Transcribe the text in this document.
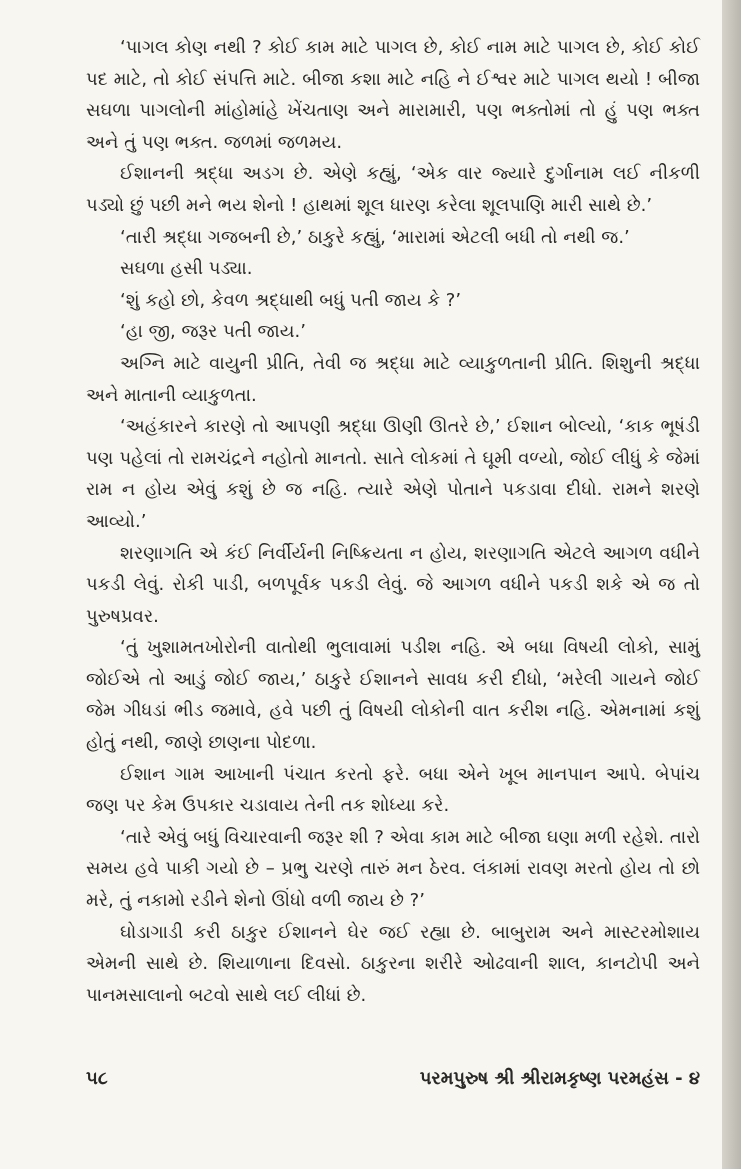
‘પાગલ કોણ નથી ? કોઈ કામ માટે પાગલ છે, કોઈ નામ માટે પાગલ છે, કોઈ કોઈ પદ માટે, તો કોઈ સંપત્તિ માટે. બીજા કશા માટે નહિ ને ઈશ્વર માટે પાગલ થયો ! બીજા સઘળા પાગલોની માંહોમાંહે ખેંચતાણ અને મારામારી, પણ ભક્તોમાં તો હું પણ ભક્ત અને તું પણ ભક્ત. જળમાં જળમય.

ઈશાનની શ્રદ્ધા અડગ છે. એણે કહ્યું, ‘એક વાર જ્યારે દુર્ગાનામ લઈ નીકળી પડ્યો છું પછી મને ભય શેનો ! હાથમાં શૂલ ધારણ કરેલા શૂલપાણિ મારી સાથે છે.’

‘તારી શ્રદ્ધા ગજબની છે,’ ઠાકુરે કહ્યું, ‘મારામાં એટલી બધી તો નથી જ.’

સઘળા હસી પડ્યા.

‘શું કહો છો, કેવળ શ્રદ્ધાથી બધું પતી જાય કે ?’

‘હા જી, જરૂર પતી જાય.’

અગ્નિ માટે વાયુની પ્રીતિ, તેવી જ શ્રદ્ધા માટે વ્યાકુળતાની પ્રીતિ. શિશુની શ્રદ્ધા અને માતાની વ્યાકુળતા.

‘અહંકારને કારણે તો આપણી શ્રદ્ધા ઊણી ઊતરે છે,’ ઈશાન બોલ્યો, ‘કાક ભૂષંડી પણ પહેલાં તો રામચંદ્રને નહોતો માનતો. સાતે લોકમાં તે ઘૂમી વળ્યો, જોઈ લીધું કે જેમાં રામ ન હોય એવું કશું છે જ નહિ. ત્યારે એણે પોતાને પકડાવા દીધો. રામને શરણે આવ્યો.’

શરણાગતિ એ કંઈ નિર્વીર્યની નિષ્ક્રિયતા ન હોય, શરણાગતિ એટલે આગળ વધીને પકડી લેવું. રોકી પાડી, બળપૂર્વક પકડી લેવું. જે આગળ વધીને પકડી શકે એ જ તો પુરુષપ્રવર.

‘તું ખુશામતખોરોની વાતોથી ભુલાવામાં પડીશ નહિ. એ બધા વિષયી લોકો, સામું જોઈએ તો આડું જોઈ જાય,’ ઠાકુરે ઈશાનને સાવધ કરી દીધો, ‘મરેલી ગાયને જોઈ જેમ ગીધડાં ભીડ જમાવે, હવે પછી તું વિષયી લોકોની વાત કરીશ નહિ. એમનામાં કશું હોતું નથી, જાણે છાણના પોદળા.

ઈશાન ગામ આખાની પંચાત કરતો ફરે. બધા એને ખૂબ માનપાન આપે. બેપાંચ જણ પર કેમ ઉપકાર ચડાવાય તેની તક શોધ્યા કરે.

‘તારે એવું બધું વિચારવાની જરૂર શી ? એવા કામ માટે બીજા ઘણા મળી રહેશે. તારો સમય હવે પાકી ગયો છે – પ્રભુ ચરણે તારું મન ઠેરવ. લંકામાં રાવણ મરતો હોય તો છો મરે, તું નકામો રડીને શેનો ઊંધો વળી જાય છે ?’

ઘોડાગાડી કરી ઠાકુર ઈશાનને ઘેર જઈ રહ્યા છે. બાબુરામ અને માસ્ટરમોશાય એમની સાથે છે. શિયાળાના દિવસો. ઠાકુરના શરીરે ઓઢવાની શાલ, કાનટોપી અને પાનમસાલાનો બટવો સાથે લઈ લીધાં છે.

૫૮	પરમપુરુષ શ્રી શ્રીરામકૃષ્ણ પરમહંસ - ૪
